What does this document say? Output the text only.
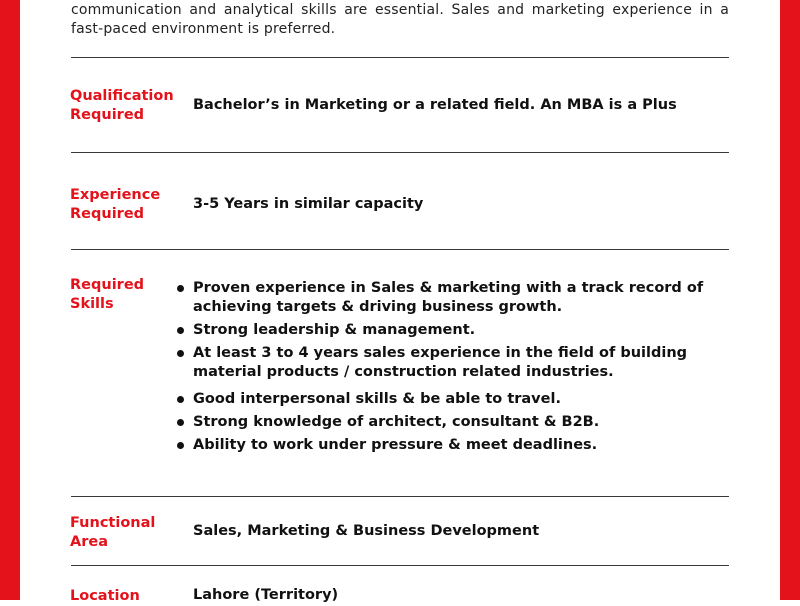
communication and analytical skills are essential. Sales and marketing experience in a fast-paced environment is preferred.
Qualification
Required
Bachelor’s in Marketing or a related field. An MBA is a Plus
Experience
Required
3-5 Years in similar capacity
Required
Skills
Proven experience in Sales & marketing with a track record of achieving targets & driving business growth.
Strong leadership & management.
At least 3 to 4 years sales experience in the field of building material products / construction related industries.
Good interpersonal skills & be able to travel.
Strong knowledge of architect, consultant & B2B.
Ability to work under pressure & meet deadlines.
Functional
Area
Sales, Marketing & Business Development
Location	Lahore (Territory)
